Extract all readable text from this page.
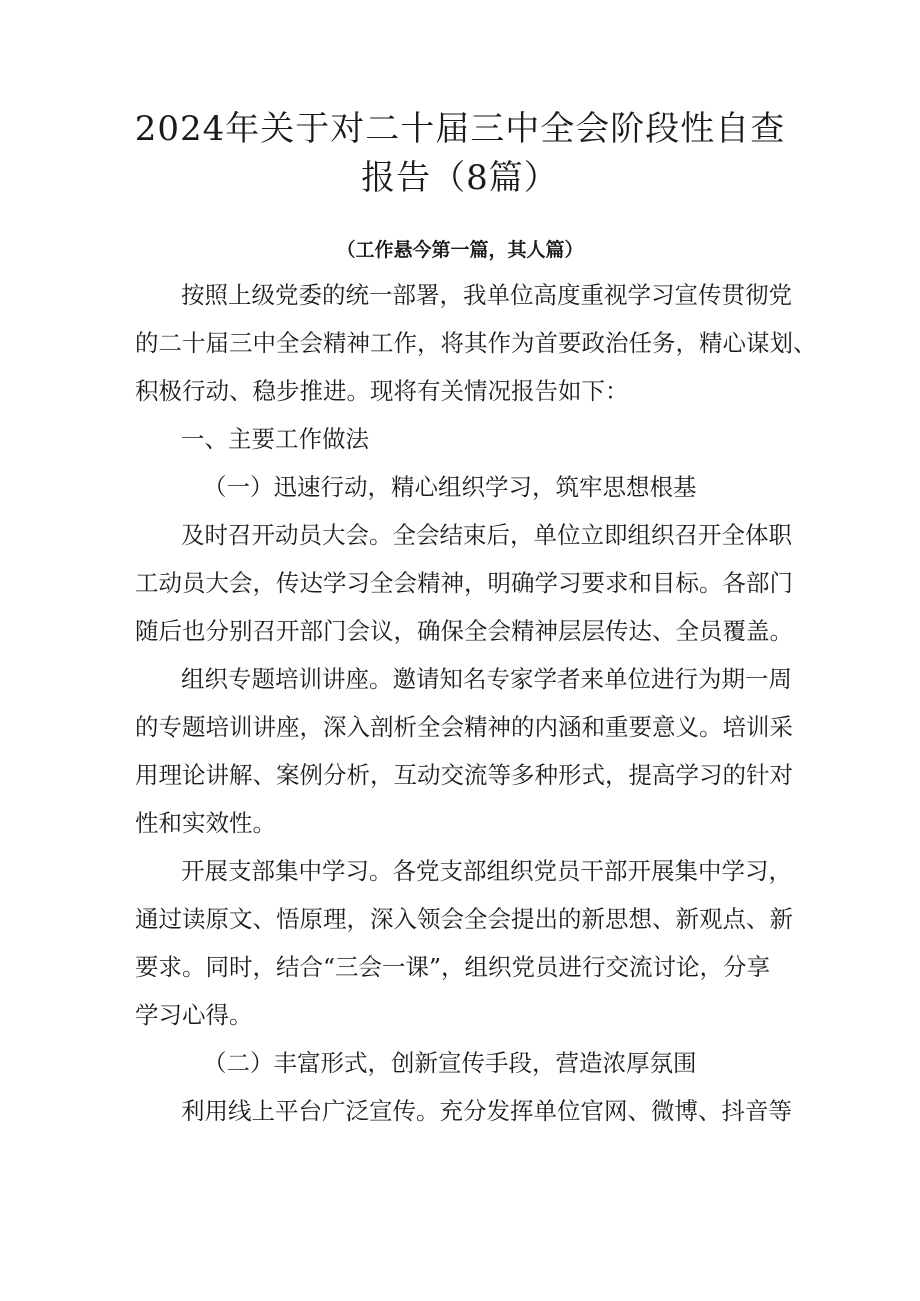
2024年关于对二十届三中全会阶段性自查
报告（8篇）
（工作悬今第一篇，其人篇）
按照上级党委的统一部署，我单位高度重视学习宣传贯彻党
的二十届三中全会精神工作，将其作为首要政治任务，精心谋划、
积极行动、稳步推进。现将有关情况报告如下：
一、主要工作做法
（一）迅速行动，精心组织学习，筑牢思想根基
及时召开动员大会。全会结束后，单位立即组织召开全体职
工动员大会，传达学习全会精神，明确学习要求和目标。各部门
随后也分别召开部门会议，确保全会精神层层传达、全员覆盖。
组织专题培训讲座。邀请知名专家学者来单位进行为期一周
的专题培训讲座，深入剖析全会精神的内涵和重要意义。培训采
用理论讲解、案例分析，互动交流等多种形式，提高学习的针对
性和实效性。
开展支部集中学习。各党支部组织党员干部开展集中学习，
通过读原文、悟原理，深入领会全会提出的新思想、新观点、新
要求。同时，结合“三会一课”，组织党员进行交流讨论，分享
学习心得。
（二）丰富形式，创新宣传手段，营造浓厚氛围
利用线上平台广泛宣传。充分发挥单位官网、微博、抖音等
